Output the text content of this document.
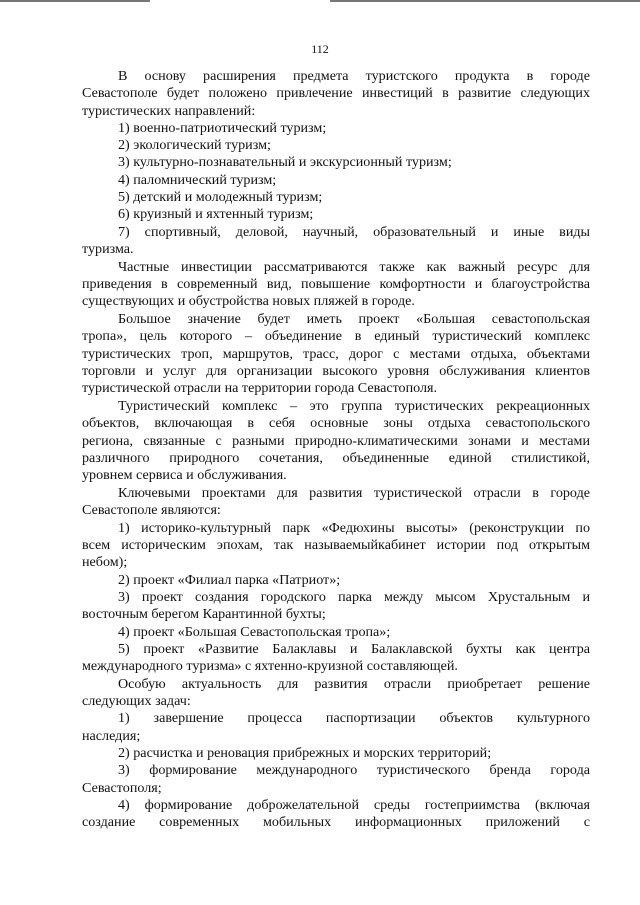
112
В основу расширения предмета туристского продукта в городе
Севастополе будет положено привлечение инвестиций в развитие следующих
туристических направлений:
1) военно-патриотический туризм;
2) экологический туризм;
3) культурно-познавательный и экскурсионный туризм;
4) паломнический туризм;
5) детский и молодежный туризм;
6) круизный и яхтенный туризм;
7) спортивный, деловой, научный, образовательный и иные виды
туризма.
Частные инвестиции рассматриваются также как важный ресурс для
приведения в современный вид, повышение комфортности и благоустройства
существующих и обустройства новых пляжей в городе.
Большое значение будет иметь проект «Большая севастопольская
тропа», цель которого – объединение в единый туристический комплекс
туристических троп, маршрутов, трасс, дорог с местами отдыха, объектами
торговли и услуг для организации высокого уровня обслуживания клиентов
туристической отрасли на территории города Севастополя.
Туристический комплекс – это группа туристических рекреационных
объектов, включающая в себя основные зоны отдыха севастопольского
региона, связанные с разными природно-климатическими зонами и местами
различного природного сочетания, объединенные единой стилистикой,
уровнем сервиса и обслуживания.
Ключевыми проектами для развития туристической отрасли в городе
Севастополе являются:
1) историко-культурный парк «Федюхины высоты» (реконструкции по
всем историческим эпохам, так называемыйкабинет истории под открытым
небом);
2) проект «Филиал парка «Патриот»;
3) проект создания городского парка между мысом Хрустальным и
восточным берегом Карантинной бухты;
4) проект «Большая Севастопольская тропа»;
5) проект «Развитие Балаклавы и Балаклавской бухты как центра
международного туризма» с яхтенно-круизной составляющей.
Особую актуальность для развития отрасли приобретает решение
следующих задач:
1) завершение процесса паспортизации объектов культурного
наследия;
2) расчистка и реновация прибрежных и морских территорий;
3) формирование международного туристического бренда города
Севастополя;
4) формирование доброжелательной среды гостеприимства (включая
создание современных мобильных информационных приложений с
